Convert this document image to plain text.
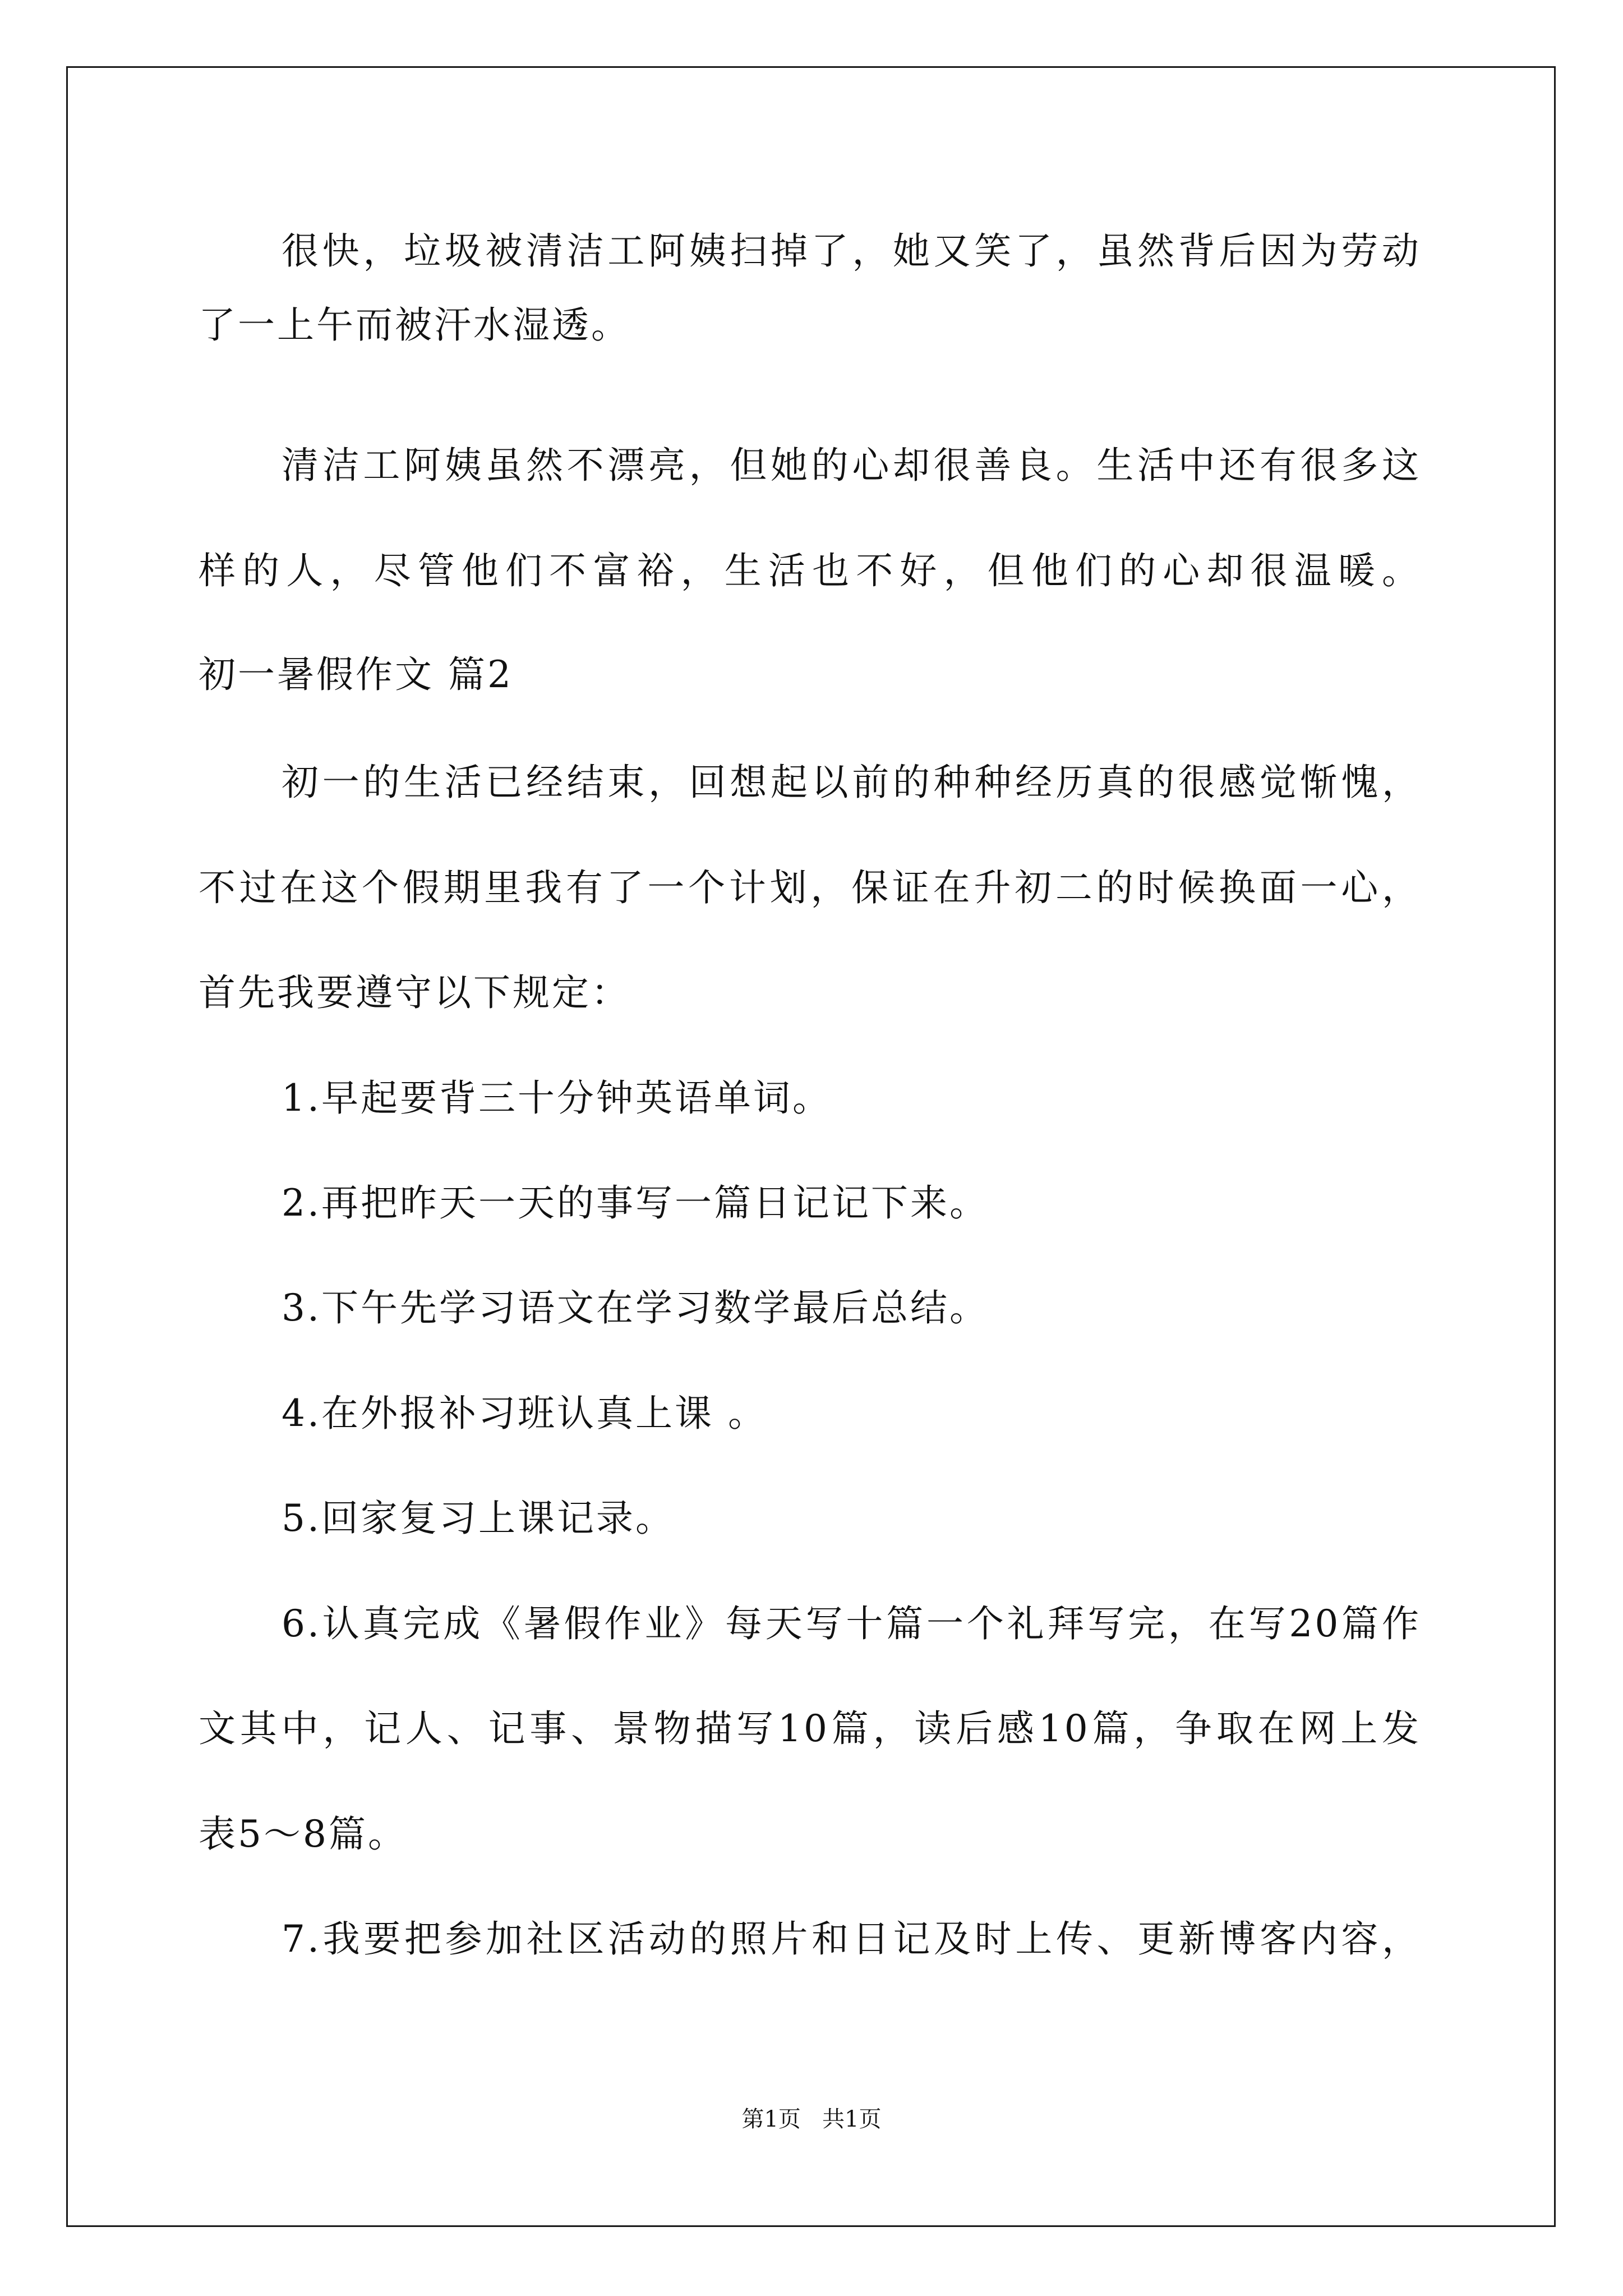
很快，垃圾被清洁工阿姨扫掉了，她又笑了，虽然背后因为劳动
了一上午而被汗水湿透。
清洁工阿姨虽然不漂亮，但她的心却很善良。生活中还有很多这
样的人，尽管他们不富裕，生活也不好，但他们的心却很温暖。
初一暑假作文 篇2
初一的生活已经结束，回想起以前的种种经历真的很感觉惭愧，
不过在这个假期里我有了一个计划，保证在升初二的时候换面一心，
首先我要遵守以下规定：
1.早起要背三十分钟英语单词。
2.再把昨天一天的事写一篇日记记下来。
3.下午先学习语文在学习数学最后总结。
4.在外报补习班认真上课 。
5.回家复习上课记录。
6.认真完成《暑假作业》每天写十篇一个礼拜写完，在写20篇作
文其中，记人、记事、景物描写10篇，读后感10篇，争取在网上发
表5～8篇。
7.我要把参加社区活动的照片和日记及时上传、更新博客内容，
第1页   共1页
